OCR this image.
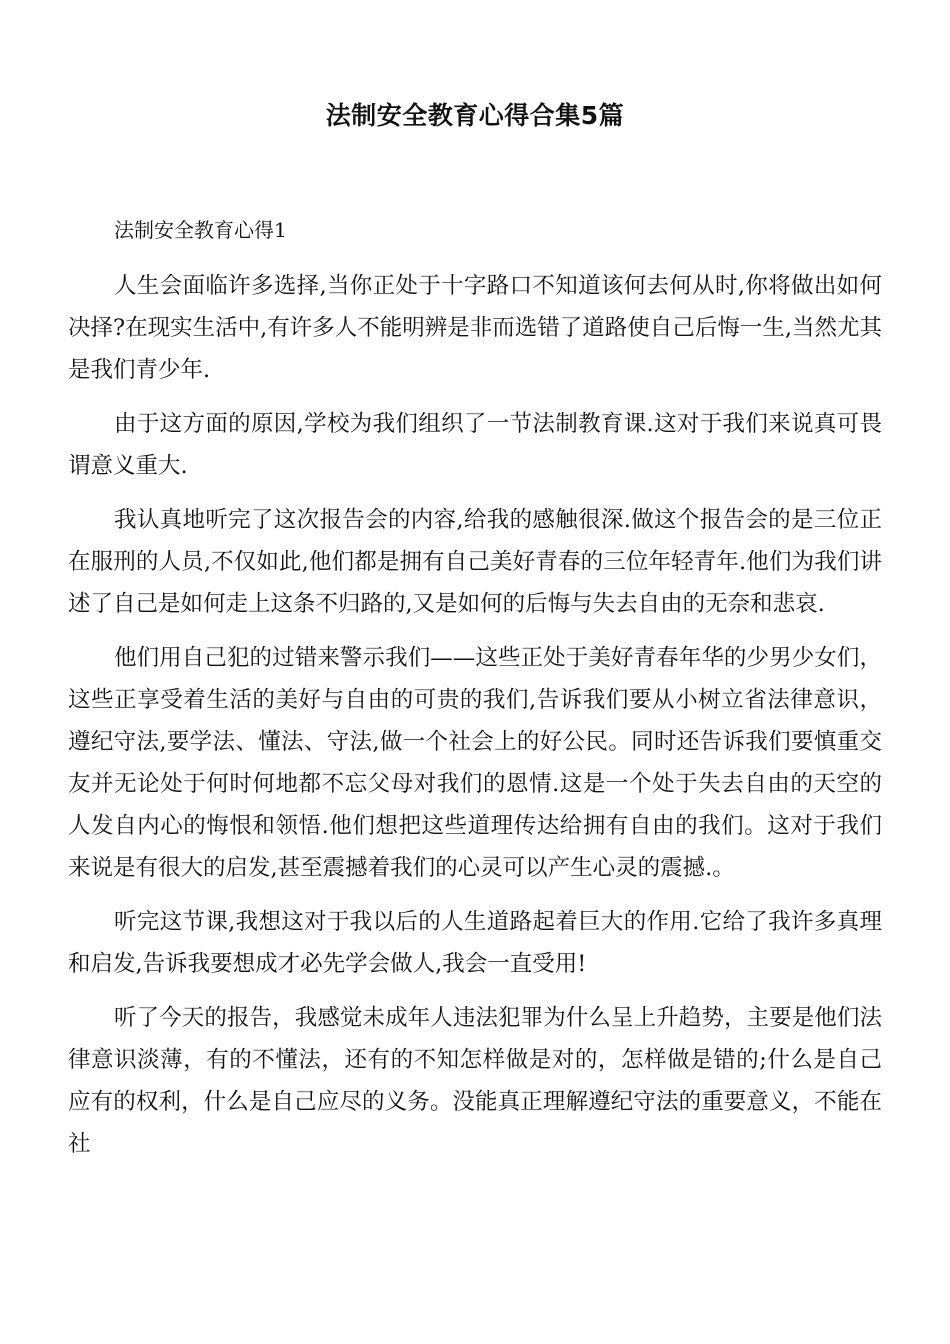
法制安全教育心得合集5篇

法制安全教育心得1

人生会面临许多选择,当你正处于十字路口不知道该何去何从时,你将做出如何决择?在现实生活中,有许多人不能明辨是非而选错了道路使自己后悔一生,当然尤其是我们青少年.

由于这方面的原因,学校为我们组织了一节法制教育课.这对于我们来说真可畏谓意义重大.

我认真地听完了这次报告会的内容,给我的感触很深.做这个报告会的是三位正在服刑的人员,不仅如此,他们都是拥有自己美好青春的三位年轻青年.他们为我们讲述了自己是如何走上这条不归路的,又是如何的后悔与失去自由的无奈和悲哀.

他们用自己犯的过错来警示我们——这些正处于美好青春年华的少男少女们，这些正享受着生活的美好与自由的可贵的我们,告诉我们要从小树立省法律意识，遵纪守法,要学法、懂法、守法,做一个社会上的好公民。同时还告诉我们要慎重交友并无论处于何时何地都不忘父母对我们的恩情.这是一个处于失去自由的天空的人发自内心的悔恨和领悟.他们想把这些道理传达给拥有自由的我们。这对于我们来说是有很大的启发,甚至震撼着我们的心灵可以产生心灵的震撼.。

听完这节课,我想这对于我以后的人生道路起着巨大的作用.它给了我许多真理和启发,告诉我要想成才必先学会做人,我会一直受用!

听了今天的报告，我感觉未成年人违法犯罪为什么呈上升趋势，主要是他们法律意识淡薄，有的不懂法，还有的不知怎样做是对的，怎样做是错的;什么是自己应有的权利，什么是自己应尽的义务。没能真正理解遵纪守法的重要意义，不能在社
